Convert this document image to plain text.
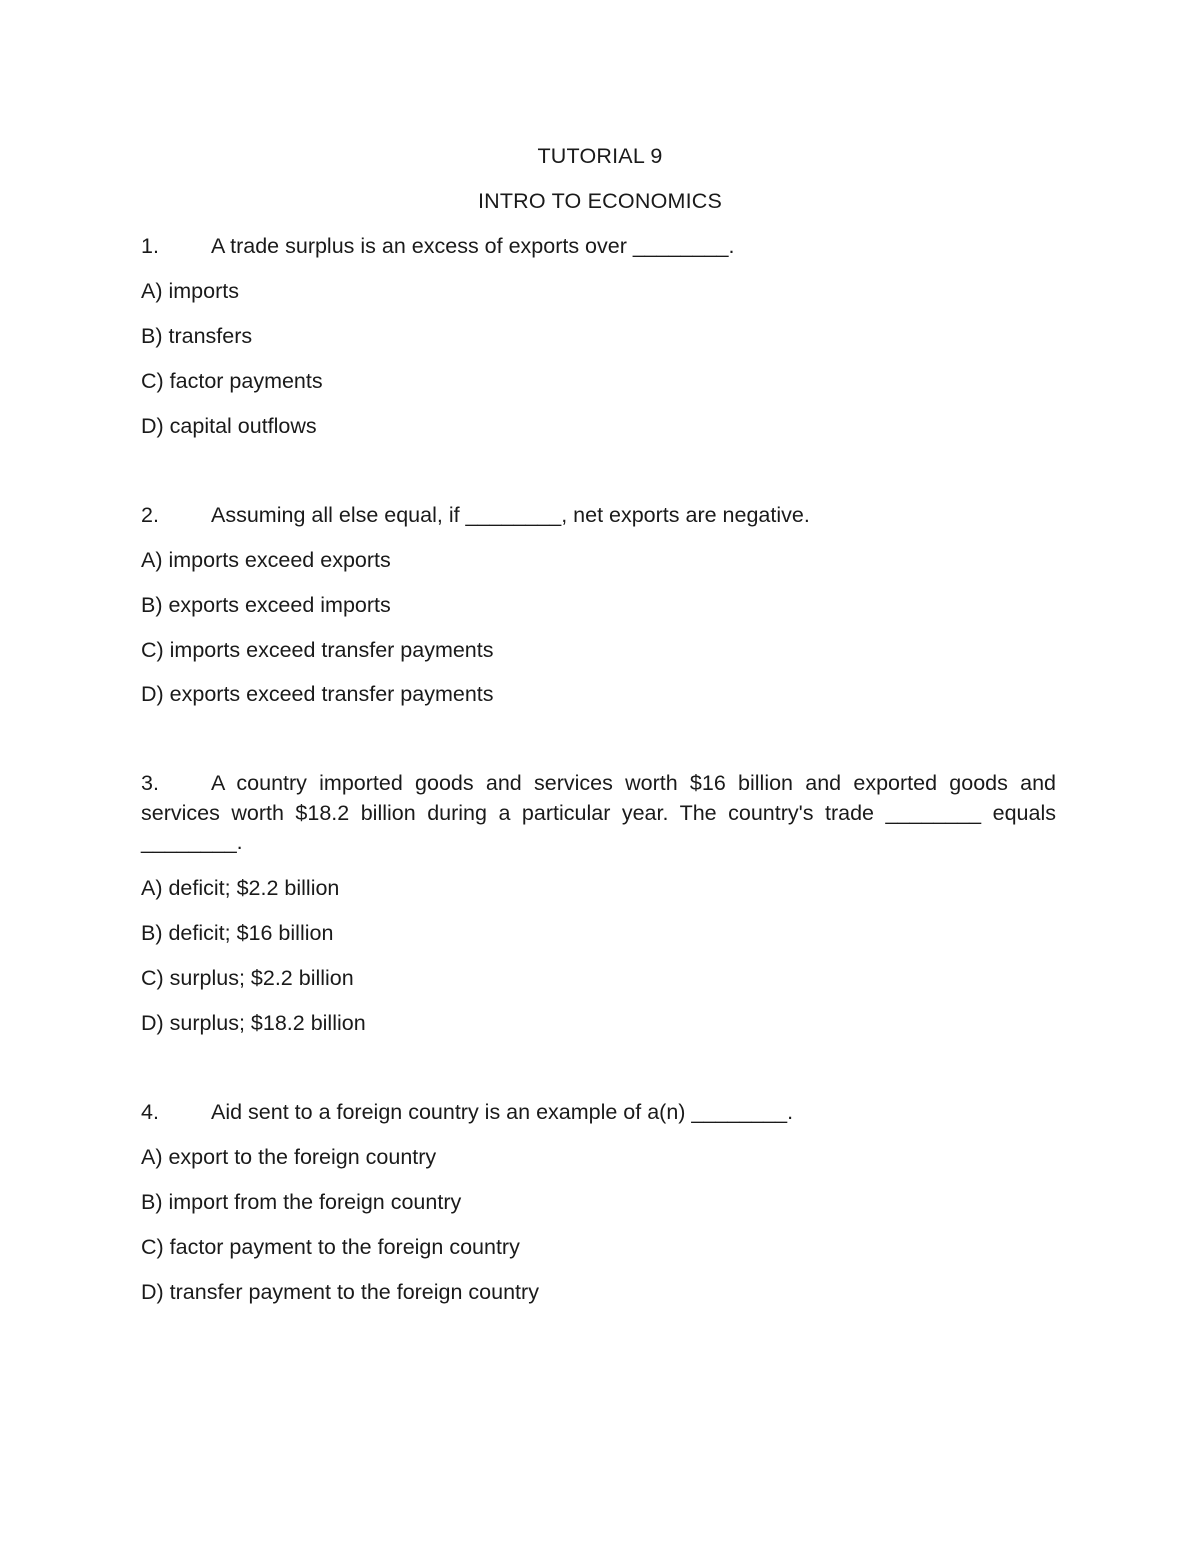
TUTORIAL 9
INTRO TO ECONOMICS
1. A trade surplus is an excess of exports over ________.
A) imports
B) transfers
C) factor payments
D) capital outflows
2. Assuming all else equal, if ________, net exports are negative.
A) imports exceed exports
B) exports exceed imports
C) imports exceed transfer payments
D) exports exceed transfer payments
3. A country imported goods and services worth $16 billion and exported goods and services worth $18.2 billion during a particular year. The country's trade ________ equals ________.
A) deficit; $2.2 billion
B) deficit; $16 billion
C) surplus; $2.2 billion
D) surplus; $18.2 billion
4. Aid sent to a foreign country is an example of a(n) ________.
A) export to the foreign country
B) import from the foreign country
C) factor payment to the foreign country
D) transfer payment to the foreign country
